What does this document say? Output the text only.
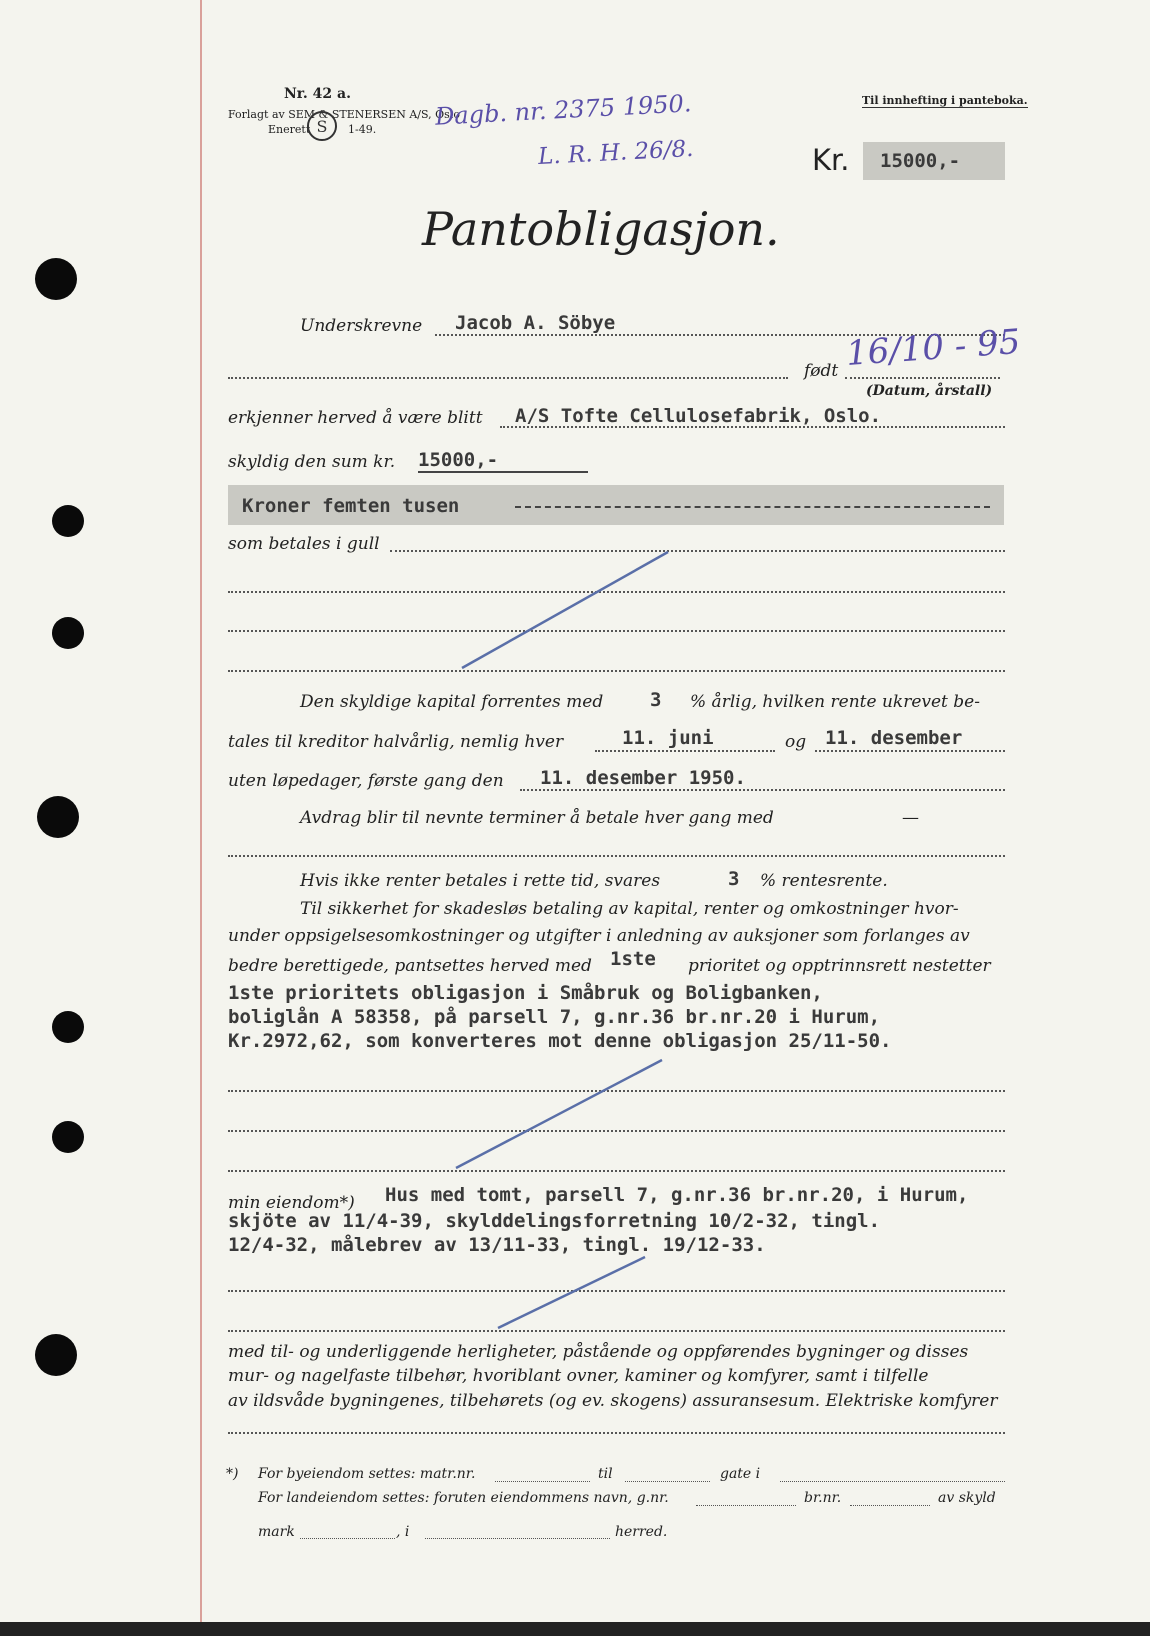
Nr. 42 a.
Forlagt av SEM & STENERSEN A/S, Oslo
Enerett S 1-49.
Til innhefting i panteboka.
Dagb. nr. 2375 1950.
L. R. H. 26/8.	Kr. 15000,-
Pantobligasjon.
Underskrevne Jacob A. Söbye
født 16/10 - 95
(Datum, årstall)
erkjenner herved å være blitt A/S Tofte Cellulosefabrik, Oslo.
skyldig den sum kr. 15000,-
Kroner femten tusen
som betales i gull
Den skyldige kapital forrentes med 3 % årlig, hvilken rente ukrevet be-
tales til kreditor halvårlig, nemlig hver	11. juni	og 11. desember
uten løpedager, første gang den 11. desember 1950.
Avdrag blir til nevnte terminer å betale hver gang med	—
Hvis ikke renter betales i rette tid, svares	3 % rentesrente.
Til sikkerhet for skadesløs betaling av kapital, renter og omkostninger hvor-
under oppsigelsesomkostninger og utgifter i anledning av auksjoner som forlanges av
bedre berettigede, pantsettes herved med 1ste prioritet og opptrinnsrett nestetter
1ste prioritets obligasjon i Småbruk og Boligbanken,
boliglån A 58358, på parsell 7, g.nr.36 br.nr.20 i Hurum,
Kr.2972,62, som konverteres mot denne obligasjon 25/11-50.
min eiendom*) Hus med tomt, parsell 7, g.nr.36 br.nr.20, i Hurum,
skjöte av 11/4-39, skylddelingsforretning 10/2-32, tingl.
12/4-32, målebrev av 13/11-33, tingl. 19/12-33.
med til- og underliggende herligheter, påstående og oppførendes bygninger og disses
mur- og nagelfaste tilbehør, hvoriblant ovner, kaminer og komfyrer, samt i tilfelle
av ildsvåde bygningenes, tilbehørets (og ev. skogens) assuransesum. Elektriske komfyrer
*) For byeiendom settes: matr.nr.	til	gate i
For landeiendom settes: foruten eiendommens navn, g.nr.	br.nr.	av skyld
mark	, i	herred.
